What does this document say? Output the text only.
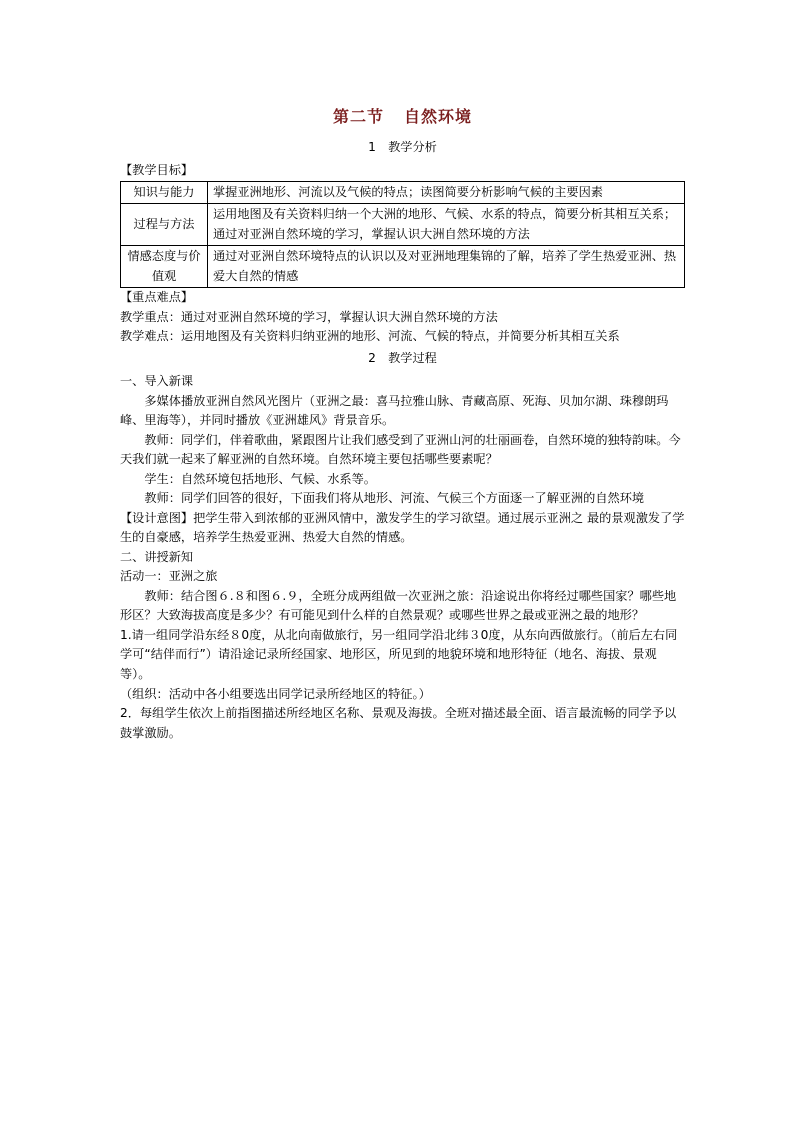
第二节 自然环境
1　教学分析

【教学目标】

知识与能力	掌握亚洲地形、河流以及气候的特点；读图简要分析影响气候的主要因素
过程与方法	运用地图及有关资料归纳一个大洲的地形、气候、水系的特点，简要分析其相互关系；通过对亚洲自然环境的学习，掌握认识大洲自然环境的方法
情感态度与价值观	通过对亚洲自然环境特点的认识以及对亚洲地理集锦的了解，培养了学生热爱亚洲、热爱大自然的情感

【重点难点】

教学重点：通过对亚洲自然环境的学习，掌握认识大洲自然环境的方法

教学难点：运用地图及有关资料归纳亚洲的地形、河流、气候的特点，并简要分析其相互关系

2　教学过程

一、导入新课

多媒体播放亚洲自然风光图片（亚洲之最：喜马拉雅山脉、青藏高原、死海、贝加尔湖、珠穆朗玛峰、里海等），并同时播放《亚洲雄风》背景音乐。

教师：同学们，伴着歌曲，紧跟图片让我们感受到了亚洲山河的壮丽画卷，自然环境的独特韵味。今天我们就一起来了解亚洲的自然环境。自然环境主要包括哪些要素呢？

学生：自然环境包括地形、气候、水系等。

教师：同学们回答的很好，下面我们将从地形、河流、气候三个方面逐一了解亚洲的自然环境

【设计意图】把学生带入到浓郁的亚洲风情中，激发学生的学习欲望。通过展示亚洲之 最的景观激发了学生的自豪感，培养学生热爱亚洲、热爱大自然的情感。

二、讲授新知

活动一：亚洲之旅

教师：结合图６.８和图６.９，全班分成两组做一次亚洲之旅：沿途说出你将经过哪些国家？哪些地形区？大致海拔高度是多少？有可能见到什么样的自然景观？或哪些世界之最或亚洲之最的地形？

1.请一组同学沿东经８0度，从北向南做旅行，另一组同学沿北纬３0度，从东向西做旅行。（前后左右同学可“结伴而行”）请沿途记录所经国家、地形区，所见到的地貌环境和地形特征（地名、海拔、景观等）。

（组织：活动中各小组要选出同学记录所经地区的特征。）

2．每组学生依次上前指图描述所经地区名称、景观及海拔。全班对描述最全面、语言最流畅的同学予以鼓掌激励。
